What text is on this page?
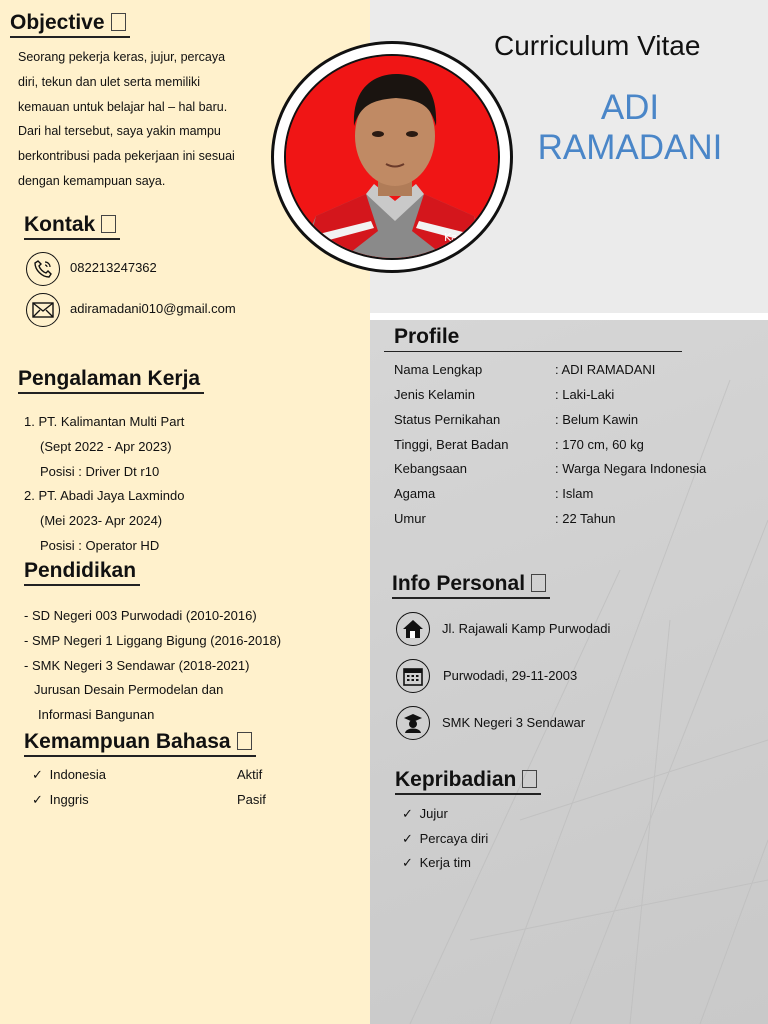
Objective
Seorang pekerja keras, jujur, percaya
diri, tekun dan ulet serta memiliki
kemauan untuk belajar hal – hal baru.
Dari hal tersebut, saya yakin mampu
berkontribusi pada pekerjaan ini sesuai
dengan kemampuan saya.
Kontak
082213247362
adiramadani010@gmail.com
Pengalaman Kerja
1. PT. Kalimantan Multi Part
(Sept 2022 - Apr 2023)
Posisi : Driver Dt r10
2. PT. Abadi Jaya Laxmindo
(Mei 2023- Apr 2024)
Posisi : Operator HD
Pendidikan
- SD Negeri 003 Purwodadi (2010-2016)
- SMP Negeri 1 Liggang Bigung (2016-2018)
- SMK Negeri 3 Sendawar (2018-2021)
Jurusan Desain Permodelan dan
Informasi Bangunan
Kemampuan Bahasa
✓ Indonesia	Aktif
✓ Inggris	Pasif
Curriculum Vitae
ADI
RAMADANI
Kan
Profile
Nama Lengkap	: ADI RAMADANI
Jenis Kelamin	: Laki-Laki
Status Pernikahan	: Belum Kawin
Tinggi, Berat Badan	: 170 cm, 60 kg
Kebangsaan	: Warga Negara Indonesia
Agama	: Islam
Umur	: 22 Tahun
Info Personal
Jl. Rajawali Kamp Purwodadi
Purwodadi, 29-11-2003
SMK Negeri 3 Sendawar
Kepribadian
✓ Jujur
✓ Percaya diri
✓ Kerja tim
